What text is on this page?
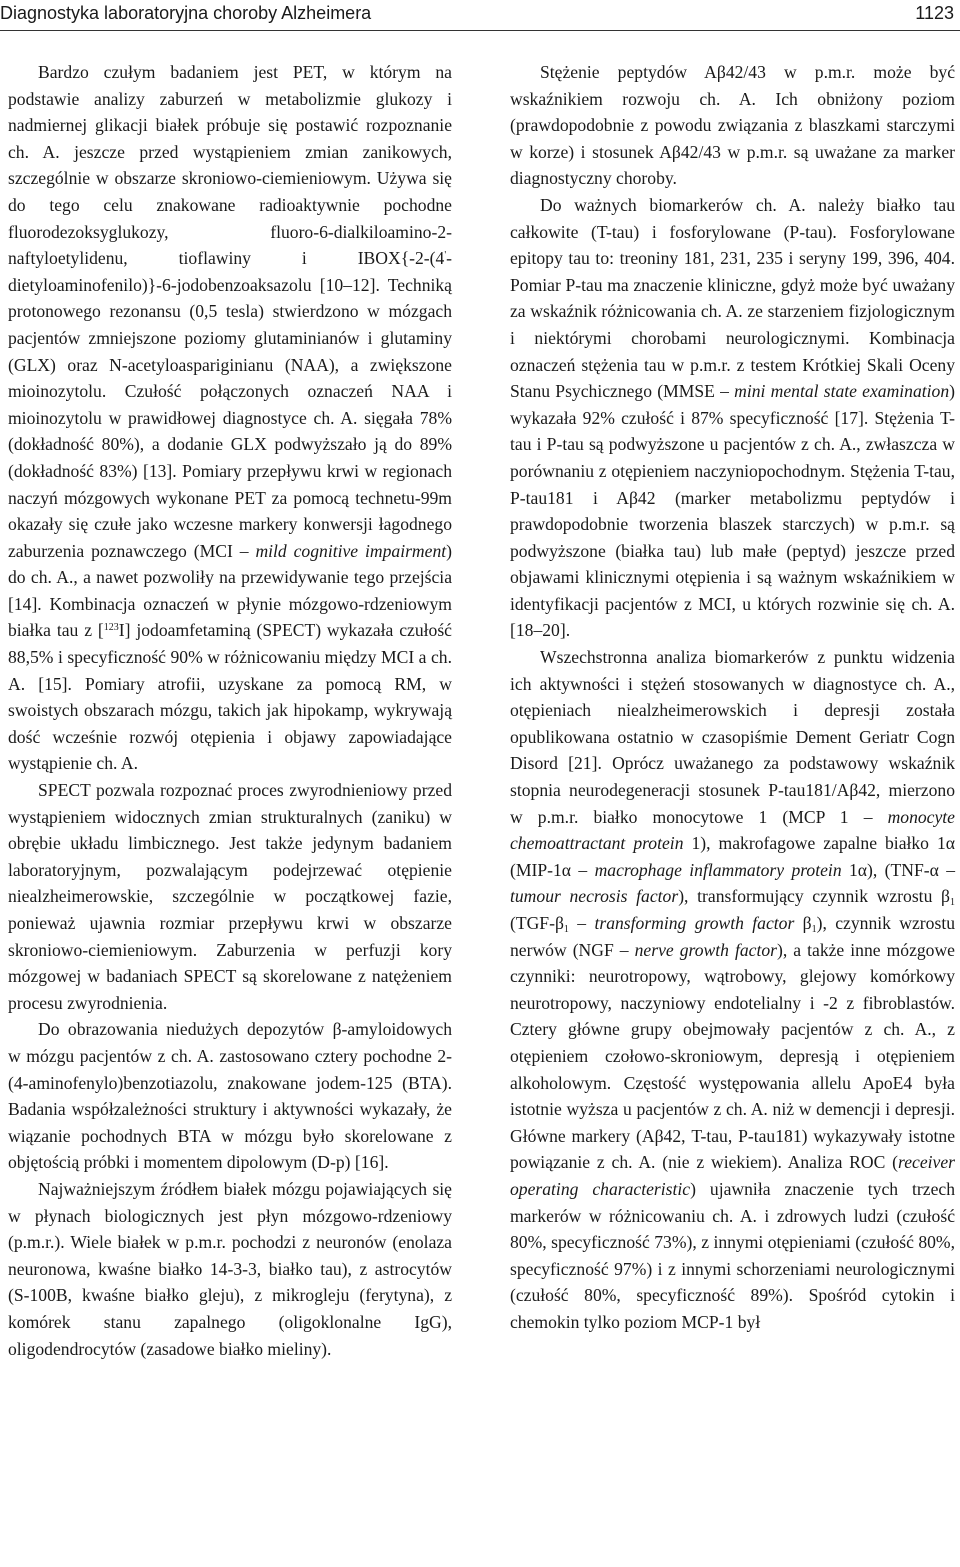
Diagnostyka laboratoryjna choroby Alzheimera	1123

Bardzo czułym badaniem jest PET, w którym na podstawie analizy zaburzeń w metabolizmie glukozy i nadmiernej glikacji białek próbuje się postawić rozpoznanie ch. A. jeszcze przed wystąpieniem zmian zanikowych, szczególnie w obszarze skroniowo-ciemieniowym. Używa się do tego celu znakowane radioaktywnie pochodne fluorodezoksyglukozy, fluoro-6-dialkiloamino-2-naftyloetylidenu, tioflawiny i IBOX{-2-(4'-dietyloaminofenilo)}-6-jodobenzoaksazolu [10–12]. Techniką protonowego rezonansu (0,5 tesla) stwierdzono w mózgach pacjentów zmniejszone poziomy glutaminianów i glutaminy (GLX) oraz N-acetyloaspariginianu (NAA), a zwiększone mioinozytolu. Czułość połączonych oznaczeń NAA i mioinozytolu w prawidłowej diagnostyce ch. A. sięgała 78% (dokładność 80%), a dodanie GLX podwyższało ją do 89% (dokładność 83%) [13]. Pomiary przepływu krwi w regionach naczyń mózgowych wykonane PET za pomocą technetu-99m okazały się czułe jako wczesne markery konwersji łagodnego zaburzenia poznawczego (MCI – mild cognitive impairment) do ch. A., a nawet pozwoliły na przewidywanie tego przejścia [14]. Kombinacja oznaczeń w płynie mózgowo-rdzeniowym białka tau z [$^{123}$I] jodoamfetaminą (SPECT) wykazała czułość 88,5% i specyficzność 90% w różnicowaniu między MCI a ch. A. [15]. Pomiary atrofii, uzyskane za pomocą RM, w swoistych obszarach mózgu, takich jak hipokamp, wykrywają dość wcześnie rozwój otępienia i objawy zapowiadające wystąpienie ch. A.

SPECT pozwala rozpoznać proces zwyrodnieniowy przed wystąpieniem widocznych zmian strukturalnych (zaniku) w obrębie układu limbicznego. Jest także jedynym badaniem laboratoryjnym, pozwalającym podejrzewać otępienie niealzheimerowskie, szczególnie w początkowej fazie, ponieważ ujawnia rozmiar przepływu krwi w obszarze skroniowo-ciemieniowym. Zaburzenia w perfuzji kory mózgowej w badaniach SPECT są skorelowane z natężeniem procesu zwyrodnienia.

Do obrazowania niedużych depozytów β-amyloidowych w mózgu pacjentów z ch. A. zastosowano cztery pochodne 2-(4-aminofenylo)benzotiazolu, znakowane jodem-125 (BTA). Badania współzależności struktury i aktywności wykazały, że wiązanie pochodnych BTA w mózgu było skorelowane z objętością próbki i momentem dipolowym (D-p) [16].

Najważniejszym źródłem białek mózgu pojawiających się w płynach biologicznych jest płyn mózgowo-rdzeniowy (p.m.r.). Wiele białek w p.m.r. pochodzi z neuronów (enolaza neuronowa, kwaśne białko 14-3-3, białko tau), z astrocytów (S-100B, kwaśne białko gleju), z mikrogleju (ferytyna), z komórek stanu zapalnego (oligoklonalne IgG), oligodendrocytów (zasadowe białko mieliny).

Stężenie peptydów Aβ42/43 w p.m.r. może być wskaźnikiem rozwoju ch. A. Ich obniżony poziom (prawdopodobnie z powodu związania z blaszkami starczymi w korze) i stosunek Aβ42/43 w p.m.r. są uważane za marker diagnostyczny choroby.

Do ważnych biomarkerów ch. A. należy białko tau całkowite (T-tau) i fosforylowane (P-tau). Fosforylowane epitopy tau to: treoniny 181, 231, 235 i seryny 199, 396, 404. Pomiar P-tau ma znaczenie kliniczne, gdyż może być uważany za wskaźnik różnicowania ch. A. ze starzeniem fizjologicznym i niektórymi chorobami neurologicznymi. Kombinacja oznaczeń stężenia tau w p.m.r. z testem Krótkiej Skali Oceny Stanu Psychicznego (MMSE – mini mental state examination) wykazała 92% czułość i 87% specyficzność [17]. Stężenia T-tau i P-tau są podwyższone u pacjentów z ch. A., zwłaszcza w porównaniu z otępieniem naczyniopochodnym. Stężenia T-tau, P-tau181 i Aβ42 (marker metabolizmu peptydów i prawdopodobnie tworzenia blaszek starczych) w p.m.r. są podwyższone (białka tau) lub małe (peptyd) jeszcze przed objawami klinicznymi otępienia i są ważnym wskaźnikiem w identyfikacji pacjentów z MCI, u których rozwinie się ch. A. [18–20].

Wszechstronna analiza biomarkerów z punktu widzenia ich aktywności i stężeń stosowanych w diagnostyce ch. A., otępieniach niealzheimerowskich i depresji została opublikowana ostatnio w czasopiśmie Dement Geriatr Cogn Disord [21]. Oprócz uważanego za podstawowy wskaźnik stopnia neurodegeneracji stosunek P-tau181/Aβ42, mierzono w p.m.r. białko monocytowe 1 (MCP 1 – monocyte chemoattractant protein 1), makrofagowe zapalne białko 1α (MIP-1α – macrophage inflammatory protein 1α), (TNF-α – tumour necrosis factor), transformujący czynnik wzrostu $\beta_1$ ($TGF-\beta_1$ – transforming growth factor $\beta_1$), czynnik wzrostu nerwów (NGF – nerve growth factor), a także inne mózgowe czynniki: neurotropowy, wątrobowy, glejowy komórkowy neurotropowy, naczyniowy endotelialny i -2 z fibroblastów. Cztery główne grupy obejmowały pacjentów z ch. A., z otępieniem czołowo-skroniowym, depresją i otępieniem alkoholowym. Częstość występowania allelu ApoE4 była istotnie wyższa u pacjentów z ch. A. niż w demencji i depresji. Główne markery (Aβ42, T-tau, P-tau181) wykazywały istotne powiązanie z ch. A. (nie z wiekiem). Analiza ROC (receiver operating characteristic) ujawniła znaczenie tych trzech markerów w różnicowaniu ch. A. i zdrowych ludzi (czułość 80%, specyficzność 73%), z innymi otępieniami (czułość 80%, specyficzność 97%) i z innymi schorzeniami neurologicznymi (czułość 80%, specyficzność 89%). Spośród cytokin i chemokin tylko poziom MCP-1 był
